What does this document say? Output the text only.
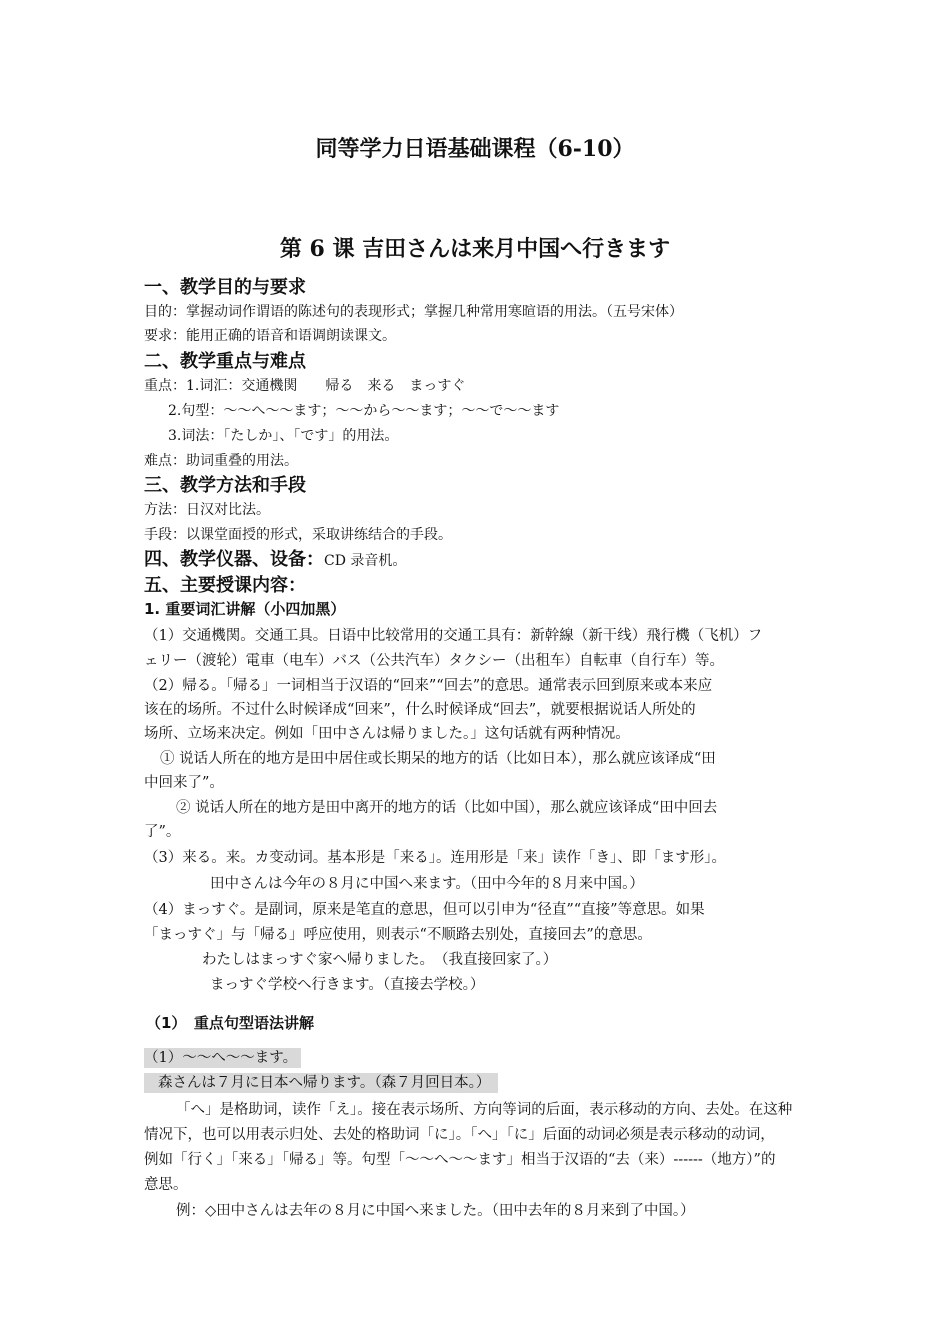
同等学力日语基础课程（6-10）
第 6 课 吉田さんは来月中国へ行きます
一、教学目的与要求
目的：掌握动词作谓语的陈述句的表现形式；掌握几种常用寒暄语的用法。（五号宋体）
要求：能用正确的语音和语调朗读课文。
二、教学重点与难点
重点：1.词汇：交通機関　　帰る　来る　まっすぐ
2.句型：～～へ～～ます；～～から～～ます；～～で～～ます
3.词法：「たしか」、「です」的用法。
难点：助词重叠的用法。
三、教学方法和手段
方法：日汉对比法。
手段：以课堂面授的形式，采取讲练结合的手段。
四、教学仪器、设备：CD 录音机。
五、主要授课内容：
1. 重要词汇讲解（小四加黑）
（1）交通機関。交通工具。日语中比较常用的交通工具有：新幹線（新干线）飛行機（飞机）フ
ェリー（渡轮）電車（电车）バス（公共汽车）タクシー（出租车）自転車（自行车）等。
（2）帰る。「帰る」一词相当于汉语的“回来”“回去”的意思。通常表示回到原来或本来应
该在的场所。不过什么时候译成“回来”，什么时候译成“回去”，就要根据说话人所处的
场所、立场来决定。例如「田中さんは帰りました。」这句话就有两种情况。
① 说话人所在的地方是田中居住或长期呆的地方的话（比如日本），那么就应该译成“田
中回来了”。
② 说话人所在的地方是田中离开的地方的话（比如中国），那么就应该译成“田中回去
了”。
（3）来る。来。カ变动词。基本形是「来る」。连用形是「来」读作「き」、即「ます形」。
田中さんは今年の８月に中国へ来ます。（田中今年的８月来中国。）
（4）まっすぐ。是副词，原来是笔直的意思，但可以引申为“径直”“直接”等意思。如果
「まっすぐ」与「帰る」呼应使用，则表示“不顺路去别处，直接回去”的意思。
わたしはまっすぐ家へ帰りました。　（我直接回家了。）
まっすぐ学校へ行きます。（直接去学校。）
（1）　重点句型语法讲解
（1）～～へ～～ます。
森さんは７月に日本へ帰ります。（森７月回日本。）
「へ」是格助词，读作「え」。接在表示场所、方向等词的后面，表示移动的方向、去处。在这种
情况下，也可以用表示归处、去处的格助词「に」。「へ」「に」后面的动词必须是表示移动的动词，
例如「行く」「来る」「帰る」等。句型「～～へ～～ます」相当于汉语的“去（来）------（地方）”的
意思。
例：◇田中さんは去年の８月に中国へ来ました。（田中去年的８月来到了中国。）
